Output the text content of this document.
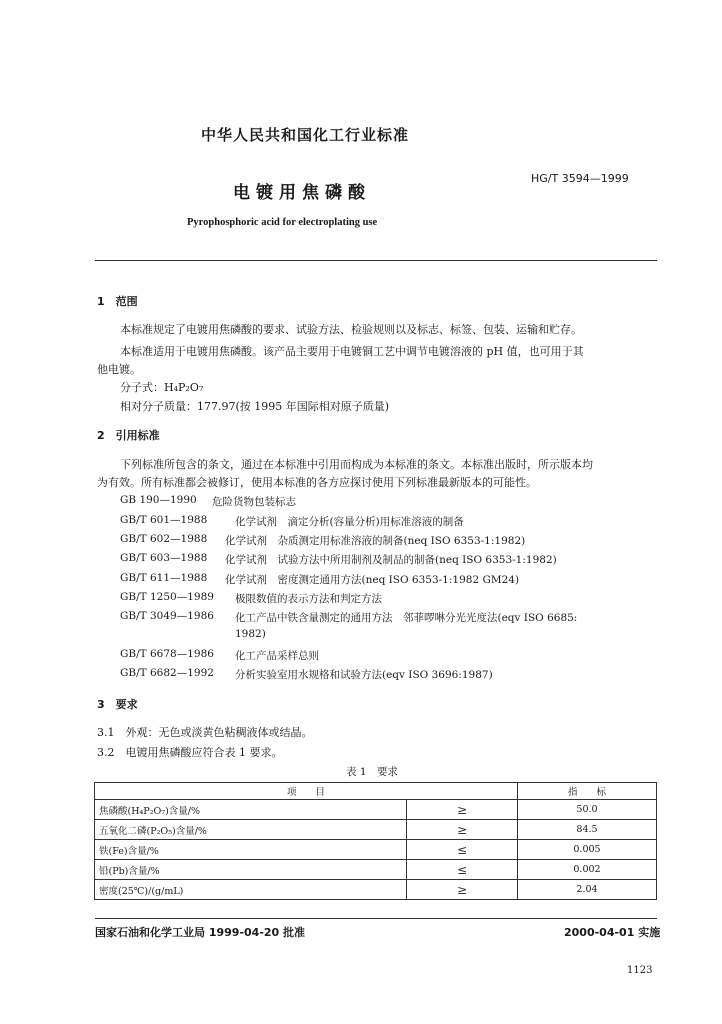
中华人民共和国化工行业标准
电镀用焦磷酸
HG/T 3594—1999
Pyrophosphoric acid for electroplating use
1　范围
本标准规定了电镀用焦磷酸的要求、试验方法、检验规则以及标志、标签、包装、运输和贮存。
本标准适用于电镀用焦磷酸。该产品主要用于电镀铜工艺中调节电镀溶液的 pH 值，也可用于其
他电镀。
分子式：H₄P₂O₇
相对分子质量：177.97(按 1995 年国际相对原子质量)
2　引用标准
下列标准所包含的条文，通过在本标准中引用而构成为本标准的条文。本标准出版时，所示版本均
为有效。所有标准都会被修订，使用本标准的各方应探讨使用下列标准最新版本的可能性。
GB 190—1990 危险货物包装标志
GB/T 601—1988	化学试剂　滴定分析(容量分析)用标准溶液的制备
GB/T 602—1988 化学试剂　杂质测定用标准溶液的制备(neq ISO 6353-1:1982)
GB/T 603—1988 化学试剂　试验方法中所用制剂及制品的制备(neq ISO 6353-1:1982)
GB/T 611—1988 化学试剂　密度测定通用方法(neq ISO 6353-1:1982 GM24)
GB/T 1250—1989 极限数值的表示方法和判定方法
GB/T 3049—1986 化工产品中铁含量测定的通用方法　邻菲啰啉分光光度法(eqv ISO 6685:
1982)
GB/T 6678—1986 化工产品采样总则
GB/T 6682—1992 分析实验室用水规格和试验方法(eqv ISO 3696:1987)
3　要求
3.1　外观：无色或淡黄色粘稠液体或结晶。
3.2　电镀用焦磷酸应符合表 1 要求。
表 1　要求
项　　目		指　　标
焦磷酸(H₄P₂O₇)含量/%	≥	50.0
五氧化二磷(P₂O₅)含量/%	≥	84.5
铁(Fe)含量/%	≤	0.005
铅(Pb)含量/%	≤	0.002
密度(25℃)/(g/mL)	≥	2.04
国家石油和化学工业局 1999-04-20 批准	2000-04-01 实施
1123
